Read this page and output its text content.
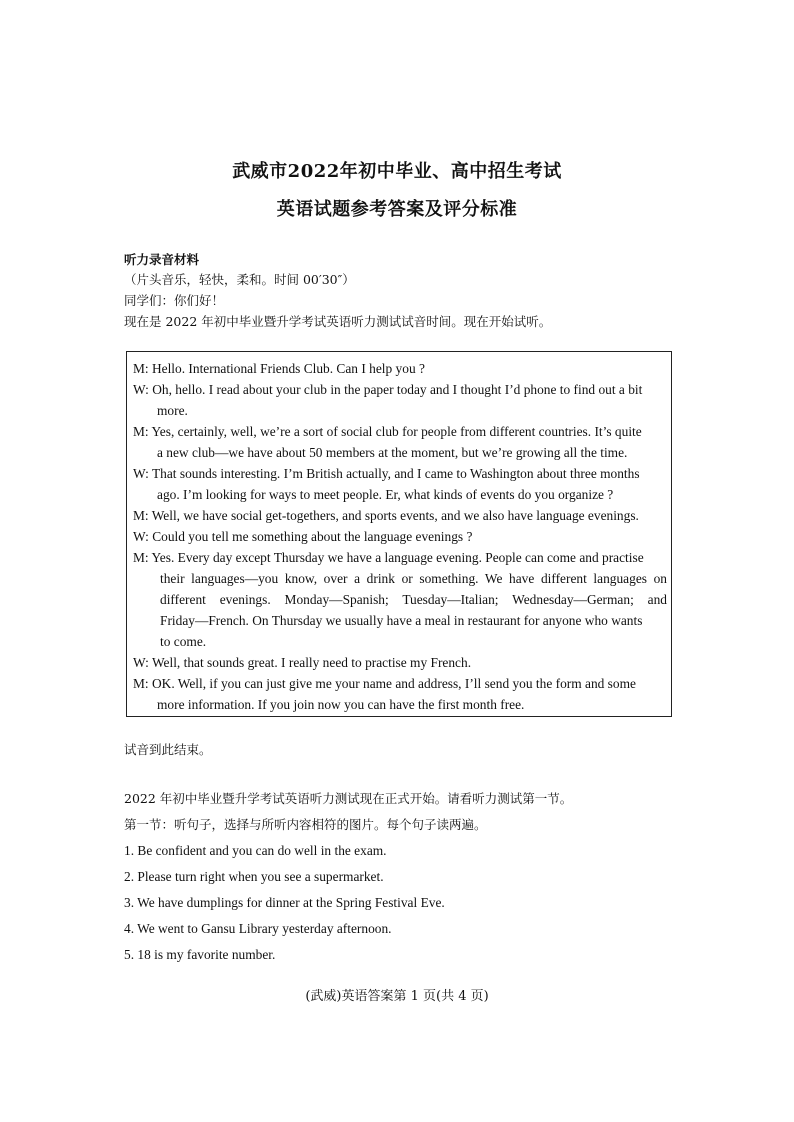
武威市2022年初中毕业、高中招生考试
英语试题参考答案及评分标准

听力录音材料

（片头音乐，轻快，柔和。时间 00′30″）

同学们：你们好！

现在是 2022 年初中毕业暨升学考试英语听力测试试音时间。现在开始试听。

M: Hello. International Friends Club. Can I help you ?

W: Oh, hello. I read about your club in the paper today and I thought I’d phone to find out a bit

more.

M: Yes, certainly, well, we’re a sort of social club for people from different countries. It’s quite

a new club—we have about 50 members at the moment, but we’re growing all the time.

W: That sounds interesting. I’m British actually, and I came to Washington about three months

ago. I’m looking for ways to meet people. Er, what kinds of events do you organize ?

M: Well, we have social get-togethers, and sports events, and we also have language evenings.

W: Could you tell me something about the language evenings ?

M: Yes. Every day except Thursday we have a language evening. People can come and practise

their languages—you know, over a drink or something. We have different languages on

different evenings. Monday—Spanish; Tuesday—Italian; Wednesday—German; and

Friday—French. On Thursday we usually have a meal in restaurant for anyone who wants

to come.

W: Well, that sounds great. I really need to practise my French.

M: OK. Well, if you can just give me your name and address, I’ll send you the form and some

more information. If you join now you can have the first month free.

试音到此结束。

2022 年初中毕业暨升学考试英语听力测试现在正式开始。请看听力测试第一节。

第一节：听句子，选择与所听内容相符的图片。每个句子读两遍。

1. Be confident and you can do well in the exam.

2. Please turn right when you see a supermarket.

3. We have dumplings for dinner at the Spring Festival Eve.

4. We went to Gansu Library yesterday afternoon.

5. 18 is my favorite number.

(武威)英语答案第 1 页(共 4 页)
